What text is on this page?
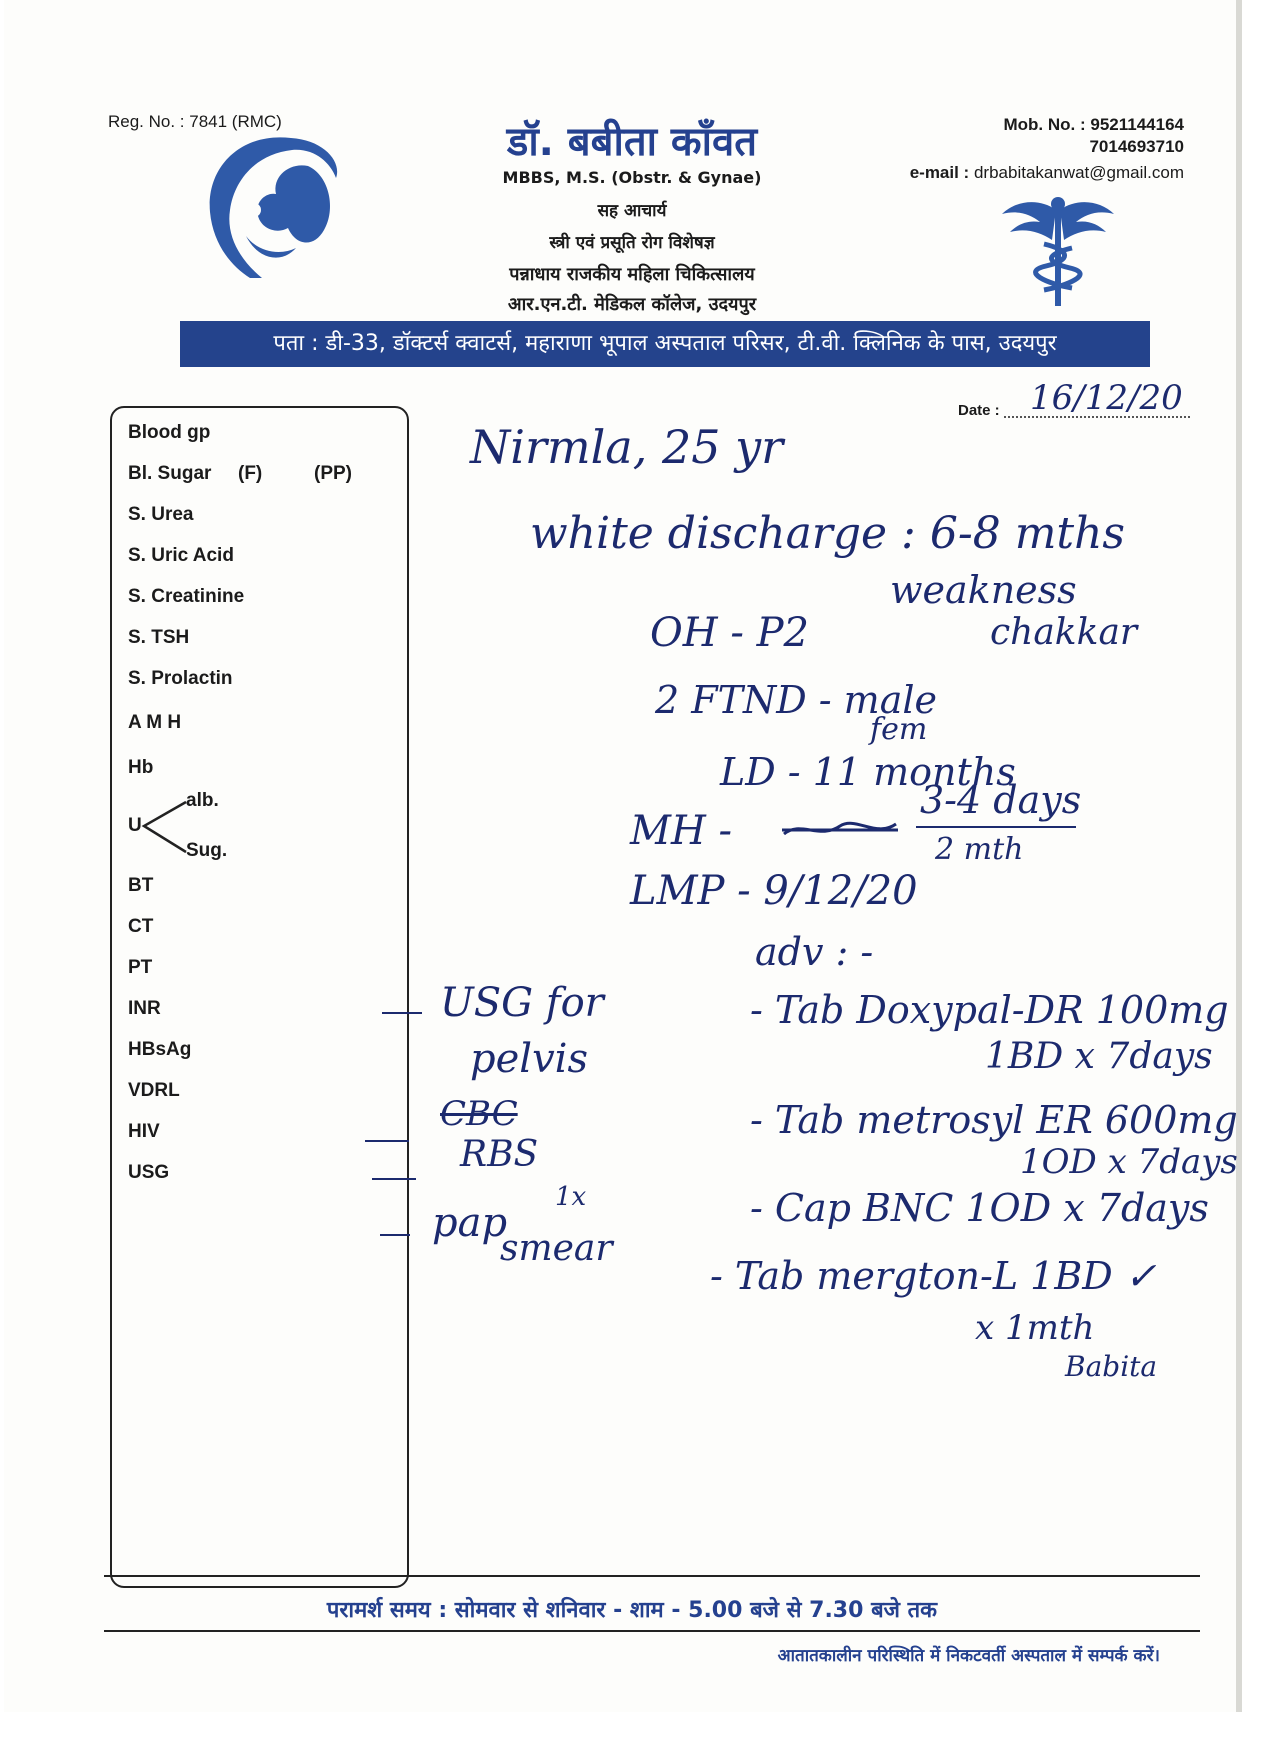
Reg. No. : 7841 (RMC)	डॉ. बबीता काँवत
MBBS, M.S. (Obstr. & Gynae)
सह आचार्य
स्त्री एवं प्रसूति रोग विशेषज्ञ
पन्नाधाय राजकीय महिला चिकित्सालय
आर.एन.टी. मेडिकल कॉलेज, उदयपुर
Mob. No. : 9521144164
7014693710
e-mail : drbabitakanwat@gmail.com
पता : डी-33, डॉक्टर्स क्वाटर्स, महाराणा भूपाल अस्पताल परिसर, टी.वी. क्लिनिक के पास, उदयपुर
Date : 16/12/20
Blood gp
Bl. Sugar (F)	(PP)
S. Urea
S. Uric Acid
S. Creatinine
S. TSH
S. Prolactin
A M H
Hb
U
alb.
Sug.
BT
CT
PT
INR
HBsAg
VDRL
HIV
USG
Nirmla, 25 yr
white discharge : 6-8 mths
weakness
chakkar
OH - P2
2 FTND - male
fem
LD - 11 months
MH -
3-4 days
2 mth
LMP - 9/12/20
adv : -
- Tab Doxypal-DR 100mg
1BD x 7days
- Tab metrosyl ER 600mg
1OD x 7days
- Cap BNC 1OD x 7days
- Tab mergton-L 1BD ✓
x 1mth
Babita
USG for
pelvis
CBC
RBS
1x
pap
smear
परामर्श समय : सोमवार से शनिवार - शाम - 5.00 बजे से 7.30 बजे तक
आतातकालीन परिस्थिति में निकटवर्ती अस्पताल में सम्पर्क करें।
